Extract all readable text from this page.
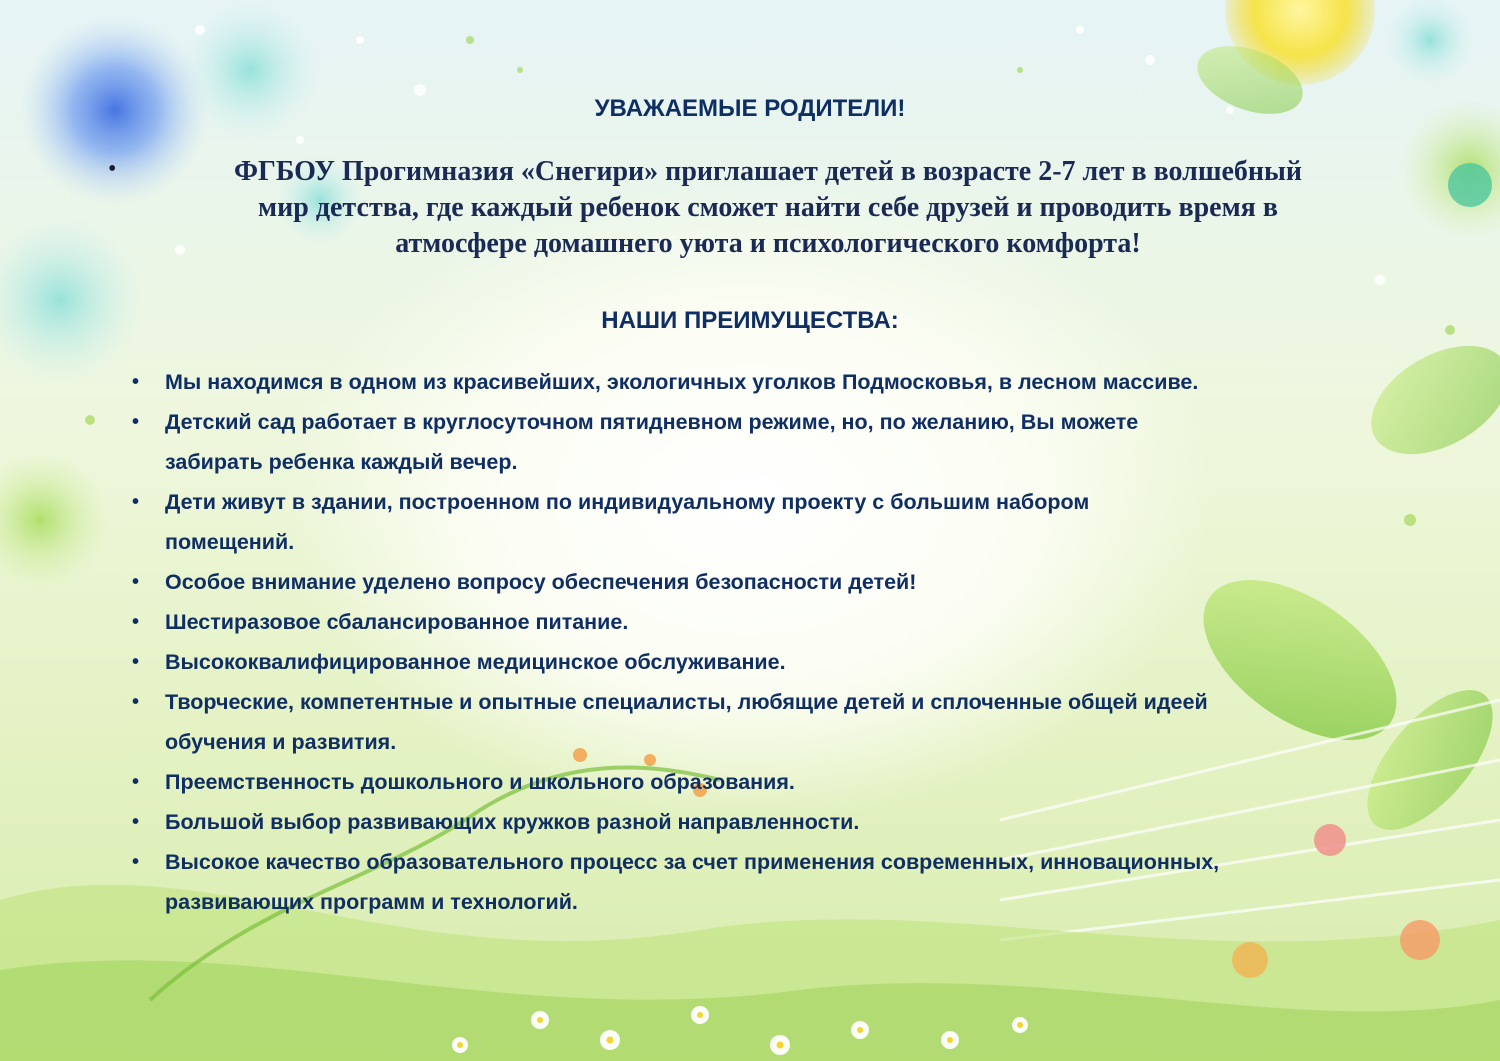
УВАЖАЕМЫЕ РОДИТЕЛИ!
•	ФГБОУ Прогимназия «Снегири» приглашает детей в возрасте 2-7 лет в волшебный
мир детства, где каждый ребенок сможет найти себе друзей и проводить время в
атмосфере домашнего уюта и психологического комфорта!
НАШИ ПРЕИМУЩЕСТВА:
• Мы находимся в одном из красивейших, экологичных уголков Подмосковья, в лесном массиве.
• Детский сад работает в круглосуточном пятидневном режиме, но, по желанию, Вы можете
забирать ребенка каждый вечер.
• Дети живут в здании, построенном по индивидуальному проекту с большим набором
помещений.
• Особое внимание уделено вопросу обеспечения безопасности детей!
• Шестиразовое сбалансированное питание.
• Высококвалифицированное медицинское обслуживание.
• Творческие, компетентные и опытные специалисты, любящие детей и сплоченные общей идеей
обучения и развития.
• Преемственность дошкольного и школьного образования.
• Большой выбор развивающих кружков разной направленности.
• Высокое качество образовательного процесс за счет применения современных, инновационных,
развивающих программ и технологий.
